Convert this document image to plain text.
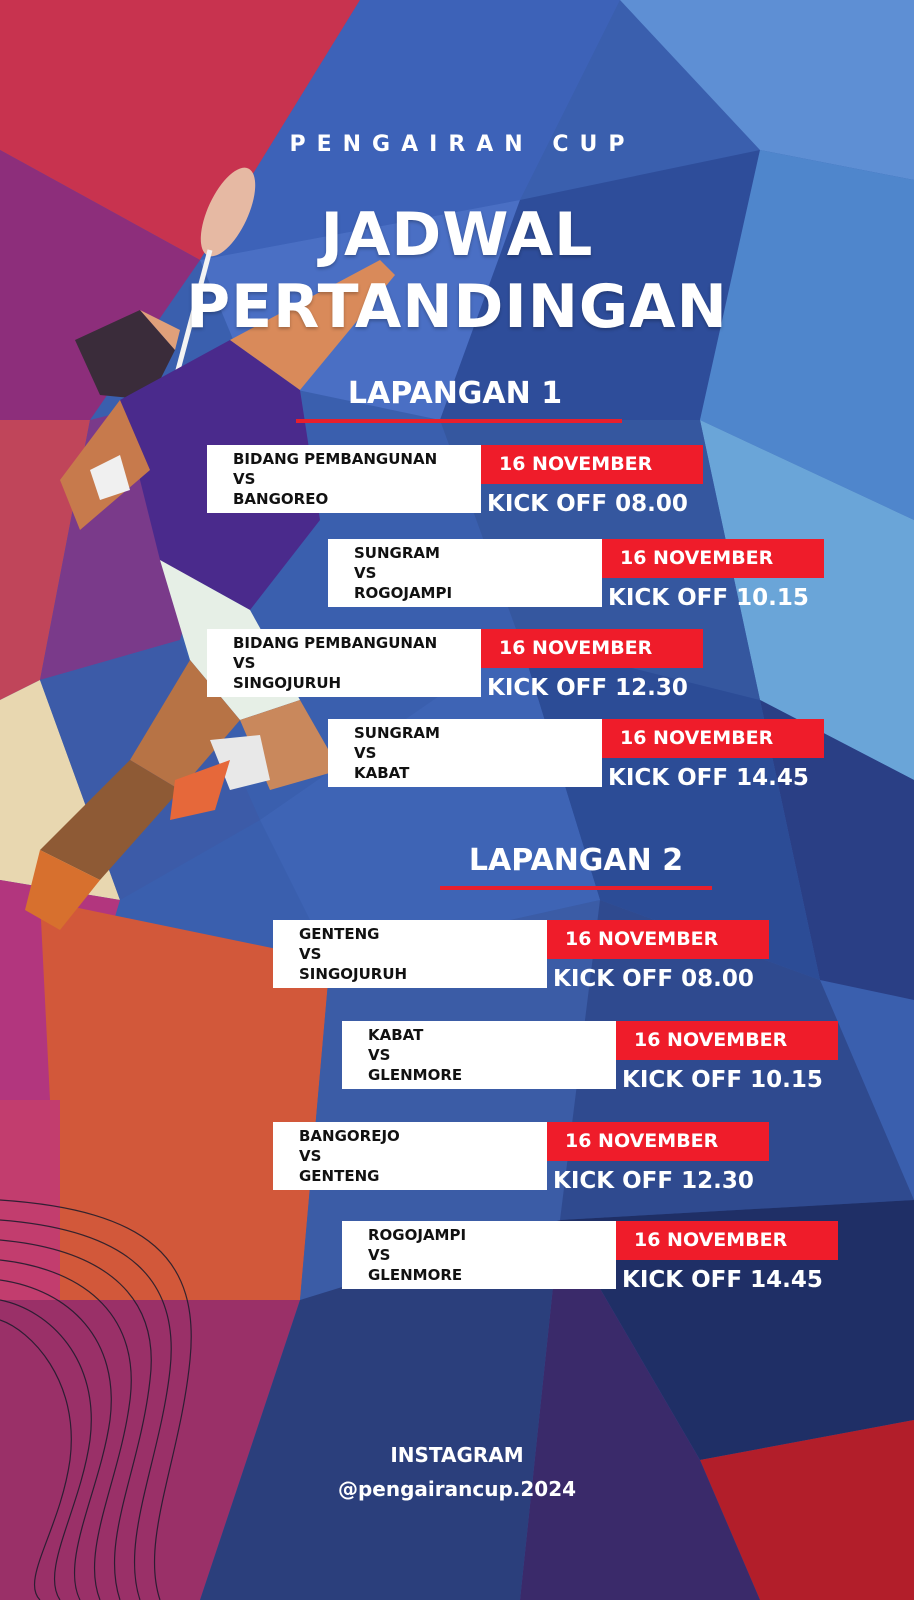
PENGAIRAN CUP
JADWAL
PERTANDINGAN
LAPANGAN 1
BIDANG PEMBANGUNAN
VS
BANGOREO
16 NOVEMBER
KICK OFF 08.00
SUNGRAM
VS
ROGOJAMPI
16 NOVEMBER
KICK OFF 10.15
BIDANG PEMBANGUNAN
VS
SINGOJURUH
16 NOVEMBER
KICK OFF 12.30
SUNGRAM
VS
KABAT
16 NOVEMBER
KICK OFF 14.45
LAPANGAN 2
GENTENG
VS
SINGOJURUH
16 NOVEMBER
KICK OFF 08.00
KABAT
VS
GLENMORE
16 NOVEMBER
KICK OFF 10.15
BANGOREJO
VS
GENTENG
16 NOVEMBER
KICK OFF 12.30
ROGOJAMPI
VS
GLENMORE
16 NOVEMBER
KICK OFF 14.45
INSTAGRAM
@pengairancup.2024
